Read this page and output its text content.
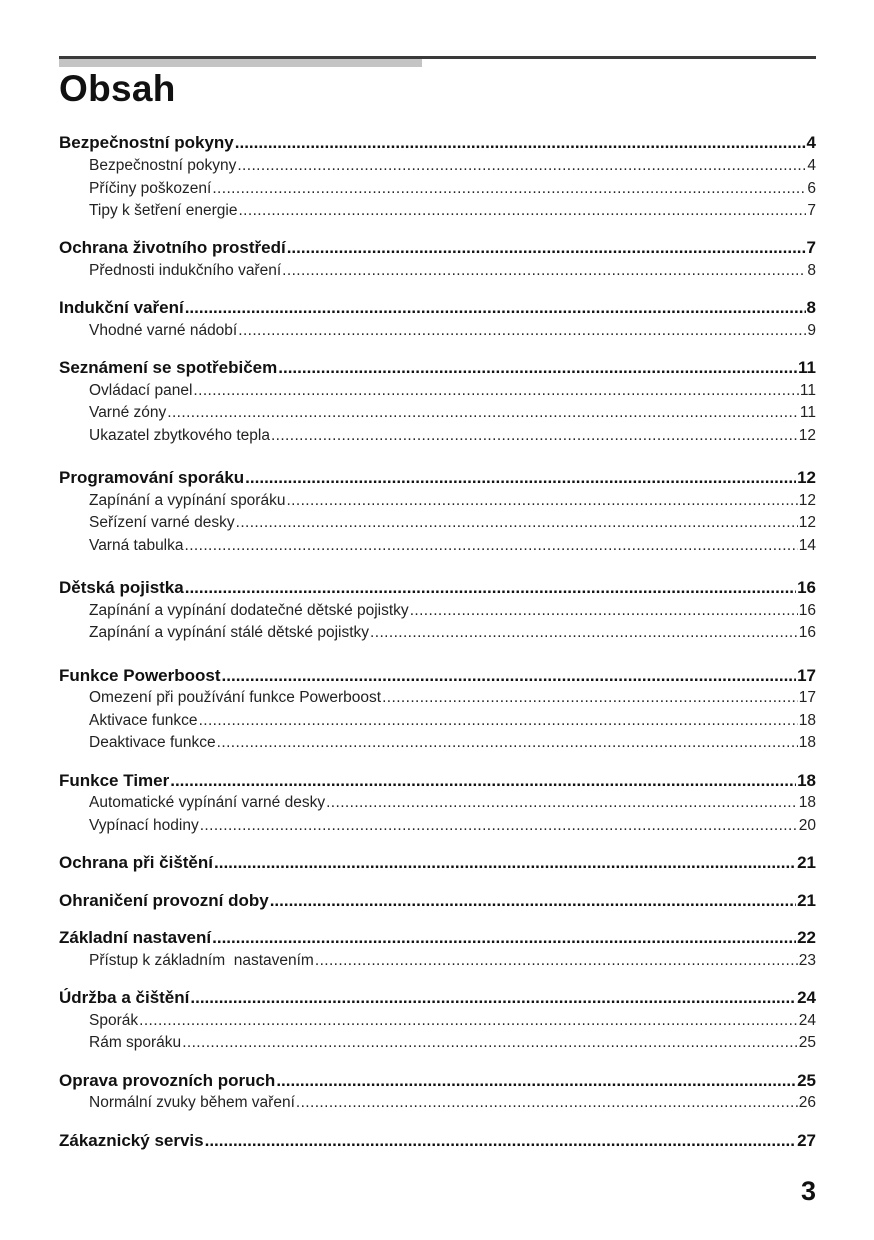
Obsah
Bezpečnostní pokyny .....	4
Bezpečnostní pokyny .....	4
Příčiny poškození .....	6
Tipy k šetření energie .....	7
Ochrana životního prostředí .....	7
Přednosti indukčního vaření .....	8
Indukční vaření .....	8
Vhodné varné nádobí .....	9
Seznámení se spotřebičem .....	11
Ovládací panel .....	11
Varné zóny .....	11
Ukazatel zbytkového tepla .....	12
Programování sporáku .....	12
Zapínání a vypínání sporáku .....	12
Seřízení varné desky .....	12
Varná tabulka .....	14
Dětská pojistka .....	16
Zapínání a vypínání dodatečné dětské pojistky .....	16
Zapínání a vypínání stálé dětské pojistky .....	16
Funkce Powerboost .....	17
Omezení při používání funkce Powerboost .....	17
Aktivace funkce .....	18
Deaktivace funkce .....	18
Funkce Timer .....	18
Automatické vypínání varné desky .....	18
Vypínací hodiny .....	20
Ochrana při čištění .....	21
Ohraničení provozní doby .....	21
Základní nastavení .....	22
Přístup k základním  nastavením .....	23
Údržba a čištění .....	24
Sporák .....	24
Rám sporáku .....	25
Oprava provozních poruch .....	25
Normální zvuky během vaření .....	26
Zákaznický servis .....	27
3
